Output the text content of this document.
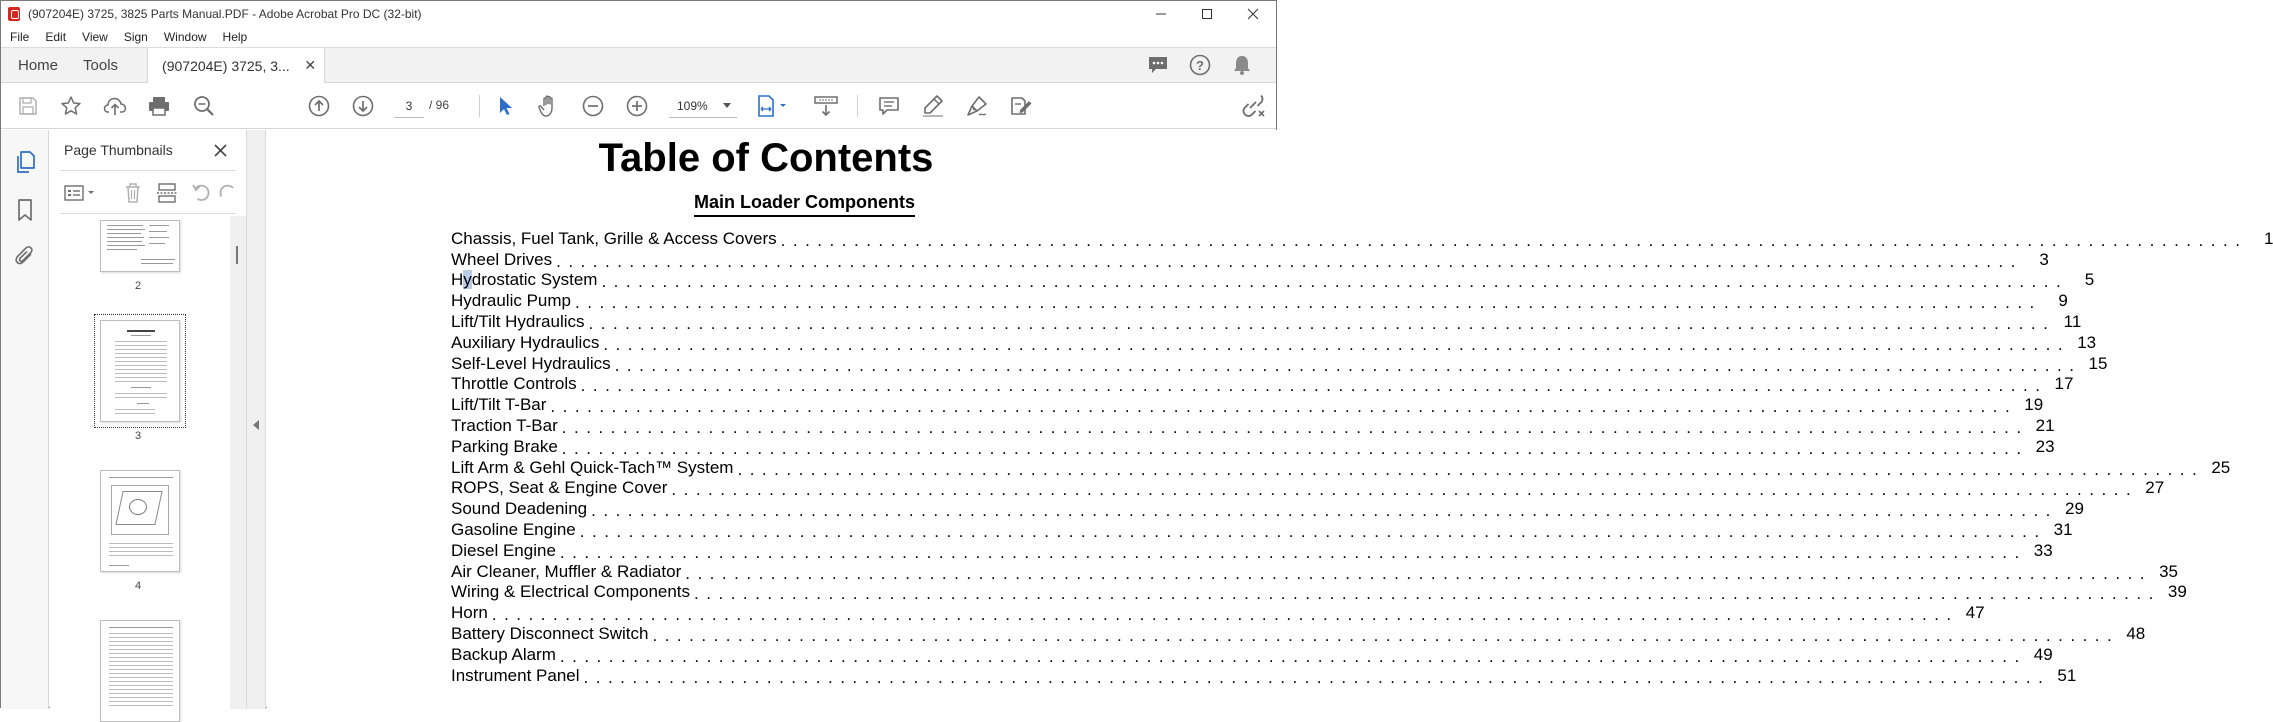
(907204E) 3725, 3825 Parts Manual.PDF - Adobe Acrobat Pro DC (32-bit)
File	Edit	View	Sign	Window	Help
Home	Tools	(907204E) 3725, 3... ✕	?
3
/ 96	109%
Page Thumbnails
2
3
4
Table of Contents
Main Loader Components
Chassis, Fuel Tank, Grille & Access Covers ........................................................................................................................ 1
Wheel Drives ........................................................................................................................ 3
Hydrostatic System ........................................................................................................................ 5
Hydraulic Pump ........................................................................................................................ 9
Lift/Tilt Hydraulics ........................................................................................................................ 11
Auxiliary Hydraulics ........................................................................................................................ 13
Self-Level Hydraulics ........................................................................................................................ 15
Throttle Controls ........................................................................................................................ 17
Lift/Tilt T-Bar ........................................................................................................................ 19
Traction T-Bar ........................................................................................................................ 21
Parking Brake ........................................................................................................................ 23
Lift Arm & Gehl Quick-Tach™ System ........................................................................................................................ 25
ROPS, Seat & Engine Cover ........................................................................................................................ 27
Sound Deadening ........................................................................................................................ 29
Gasoline Engine ........................................................................................................................ 31
Diesel Engine ........................................................................................................................ 33
Air Cleaner, Muffler & Radiator ........................................................................................................................ 35
Wiring & Electrical Components ........................................................................................................................ 39
Horn ........................................................................................................................ 47
Battery Disconnect Switch ........................................................................................................................ 48
Backup Alarm ........................................................................................................................ 49
Instrument Panel ........................................................................................................................ 51
